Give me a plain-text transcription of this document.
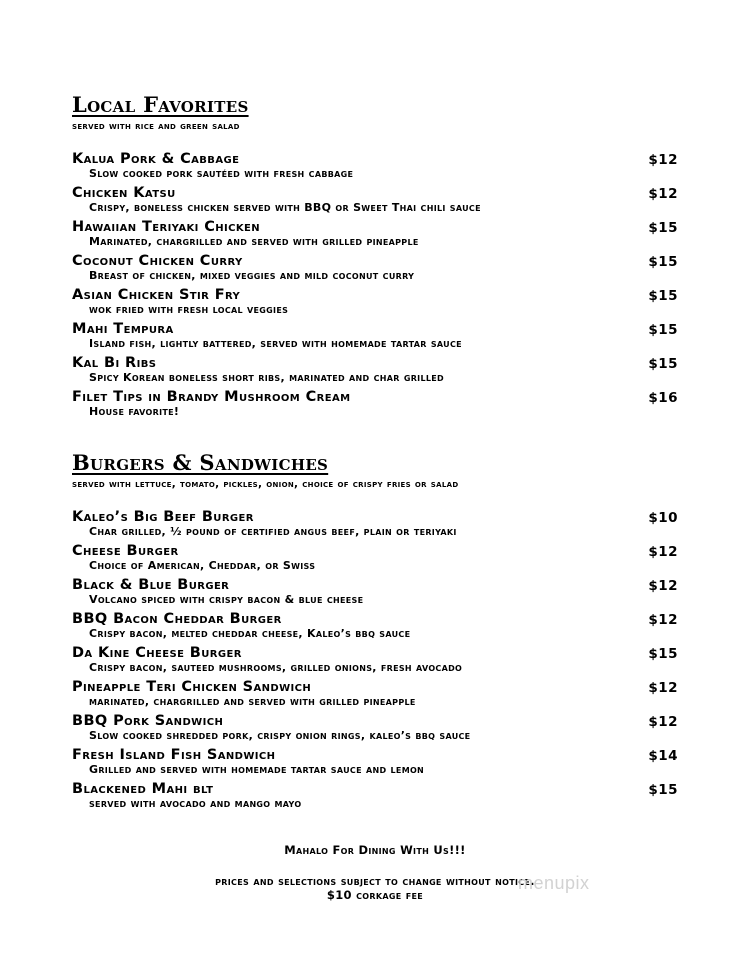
Local Favorites
served with rice and green salad
Kalua Pork & Cabbage	$12
Slow cooked pork sautéed with fresh cabbage
Chicken Katsu	$12
Crispy, boneless chicken served with BBQ or Sweet Thai chili sauce
Hawaiian Teriyaki Chicken	$15
Marinated, chargrilled and served with grilled pineapple
Coconut Chicken Curry	$15
Breast of chicken, mixed veggies and mild coconut curry
Asian Chicken Stir Fry	$15
wok fried with fresh local veggies
Mahi Tempura	$15
Island fish, lightly battered, served with homemade tartar sauce
Kal Bi Ribs	$15
Spicy Korean boneless short ribs, marinated and char grilled
Filet Tips in Brandy Mushroom Cream	$16
House favorite!
Burgers & Sandwiches
served with lettuce, tomato, pickles, onion, choice of crispy fries or salad
Kaleo’s Big Beef Burger	$10
Char grilled, ½ pound of certified angus beef, plain or teriyaki
Cheese Burger	$12
Choice of American, Cheddar, or Swiss
Black & Blue Burger	$12
Volcano spiced with crispy bacon & blue cheese
BBQ Bacon Cheddar Burger	$12
Crispy bacon, melted cheddar cheese, Kaleo’s bbq sauce
Da Kine Cheese Burger	$15
Crispy bacon, sauteed mushrooms, grilled onions, fresh avocado
Pineapple Teri Chicken Sandwich	$12
marinated, chargrilled and served with grilled pineapple
BBQ Pork Sandwich	$12
Slow cooked shredded pork, crispy onion rings, kaleo’s bbq sauce
Fresh Island Fish Sandwich	$14
Grilled and served with homemade tartar sauce and lemon
Blackened Mahi blt	$15
served with avocado and mango mayo
Mahalo For Dining With Us!!!
prices and selections subject to change without notice.
$10 corkage fee
menupix
